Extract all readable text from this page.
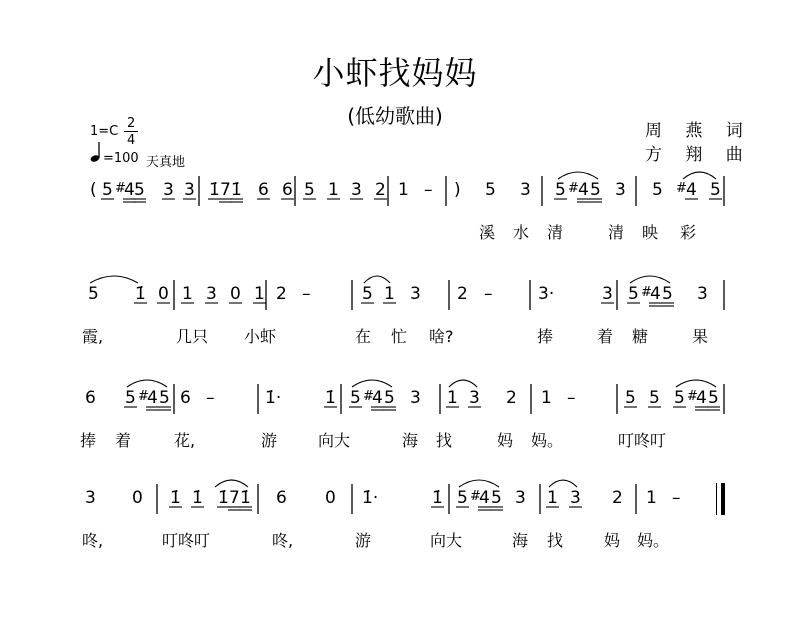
小虾找妈妈
(低幼歌曲)
1=C
2
4
=100 天真地
周 燕 词
方 翔 曲
( 5 #
4 5 3 3 1̇ 7 1̇ 6 6 5 1 3 2 1 – ) 5 3 5 # 4 5 3 5 # 4 5
溪 水 清	清 映 彩
5 1̇ 0 1 3 0 1 2 –	5 1 3 2 –	3·	3 5 #
4 5 3
霞,	几只 小虾	在 忙 啥?	捧	着 糖	果
6 5 #
4 5 6 –	1̇·	1̇ 5 #
4 5 3 1 3 2 1 –	5 5 5 #
4 5
捧 着	花,	游	向大	海 找	妈 妈。	叮咚叮
3 0 1̇ 1̇ 1̇ 7 1̇ 6 0 1̇·	1̇ 5 #
4 5 3 1 3 2 1 –
咚,	叮咚叮	咚,	游	向大	海 找	妈 妈。
